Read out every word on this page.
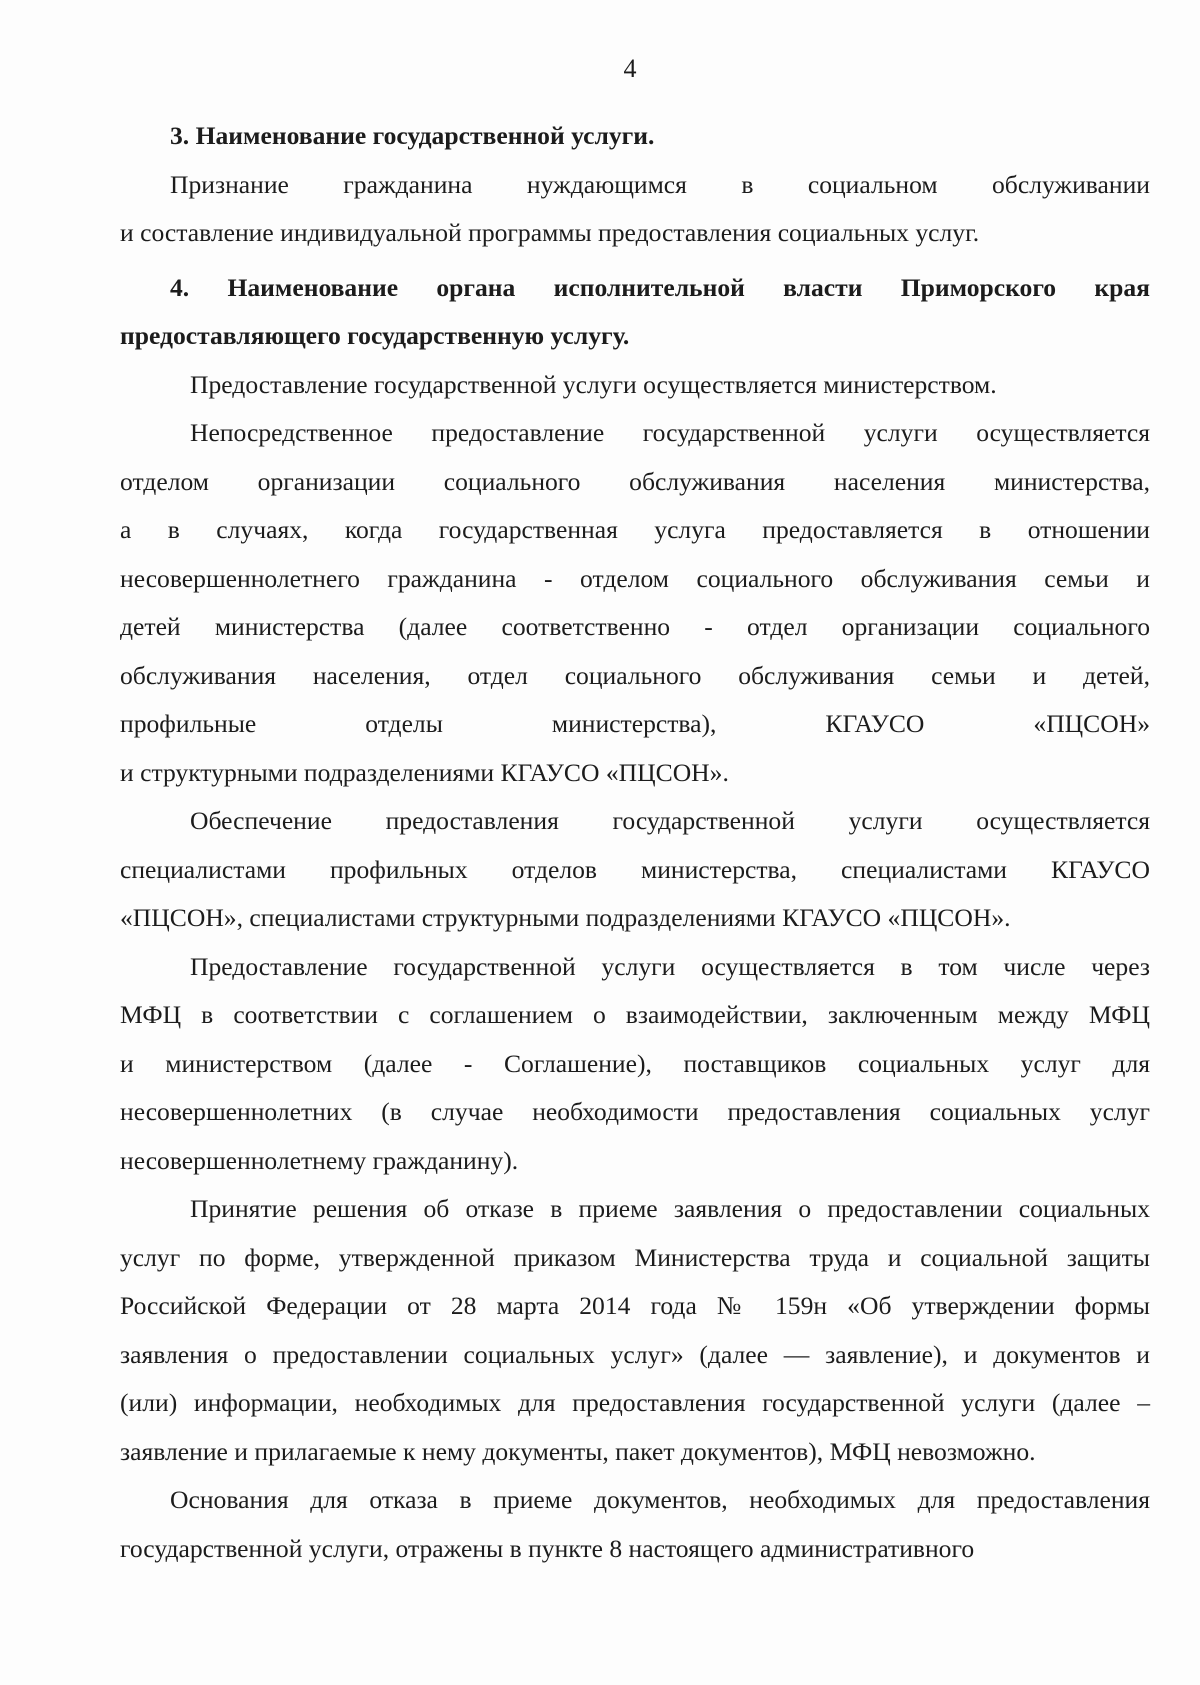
4
3. Наименование государственной услуги.
Признание гражданина нуждающимся в социальном обслуживании
и составление индивидуальной программы предоставления социальных услуг.
4. Наименование органа исполнительной власти Приморского края
предоставляющего государственную услугу.
Предоставление государственной услуги осуществляется министерством.
Непосредственное предоставление государственной услуги осуществляется
отделом организации социального обслуживания населения министерства,
а в случаях, когда государственная услуга предоставляется в отношении
несовершеннолетнего гражданина - отделом социального обслуживания семьи и
детей министерства (далее соответственно - отдел организации социального
обслуживания населения, отдел социального обслуживания семьи и детей,
профильные отделы министерства), КГАУСО «ПЦСОН»
и структурными подразделениями КГАУСО «ПЦСОН».
Обеспечение предоставления государственной услуги осуществляется
специалистами профильных отделов министерства, специалистами КГАУСО
«ПЦСОН», специалистами структурными подразделениями КГАУСО «ПЦСОН».
Предоставление государственной услуги осуществляется в том числе через
МФЦ в соответствии с соглашением о взаимодействии, заключенным между МФЦ
и министерством (далее - Соглашение), поставщиков социальных услуг для
несовершеннолетних (в случае необходимости предоставления социальных услуг
несовершеннолетнему гражданину).
Принятие решения об отказе в приеме заявления о предоставлении социальных
услуг по форме, утвержденной приказом Министерства труда и социальной защиты
Российской Федерации от 28 марта 2014 года № 159н «Об утверждении формы
заявления о предоставлении социальных услуг» (далее — заявление), и документов и
(или) информации, необходимых для предоставления государственной услуги (далее –
заявление и прилагаемые к нему документы, пакет документов), МФЦ невозможно.
Основания для отказа в приеме документов, необходимых для предоставления
государственной услуги, отражены в пункте 8 настоящего административного
